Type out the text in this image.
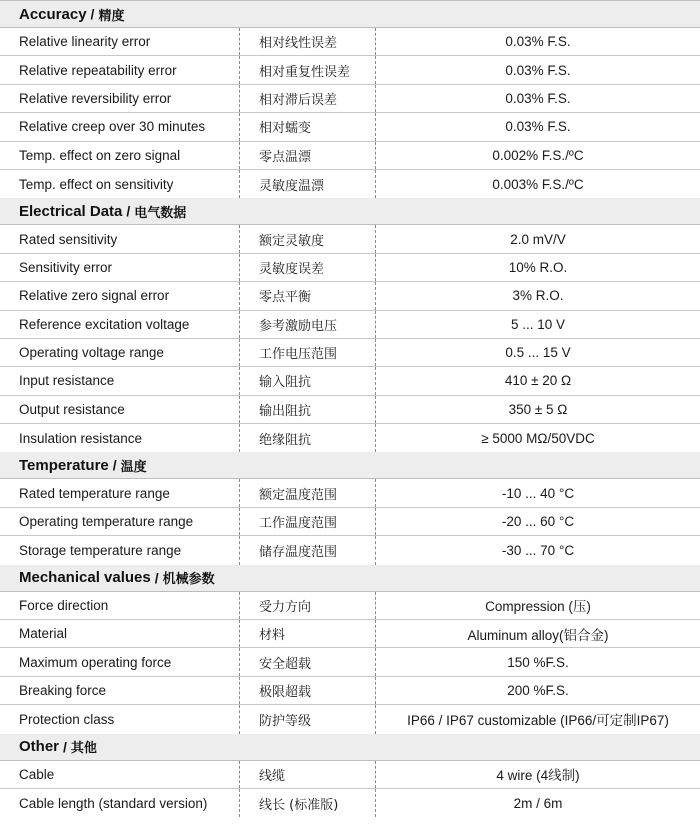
Accuracy / 精度
Relative linearity error	相对线性误差	0.03% F.S.
Relative repeatability error	相对重复性误差	0.03% F.S.
Relative reversibility error	相对滞后误差	0.03% F.S.
Relative creep over 30 minutes	相对蠕变	0.03% F.S.
Temp. effect on zero signal	零点温漂	0.002% F.S./ºC
Temp. effect on sensitivity	灵敏度温漂	0.003% F.S./ºC
Electrical Data / 电气数据
Rated sensitivity	额定灵敏度	2.0 mV/V
Sensitivity error	灵敏度误差	10% R.O.
Relative zero signal error	零点平衡	3% R.O.
Reference excitation voltage	参考激励电压	5 ... 10 V
Operating voltage range	工作电压范围	0.5 ... 15 V
Input resistance	输入阻抗	410 ± 20 Ω
Output resistance	输出阻抗	350 ± 5 Ω
Insulation resistance	绝缘阻抗	≥ 5000 MΩ/50VDC
Temperature / 温度
Rated temperature range	额定温度范围	-10 ... 40 °C
Operating temperature range	工作温度范围	-20 ... 60 °C
Storage temperature range	储存温度范围	-30 ... 70 °C
Mechanical values / 机械参数
Force direction	受力方向	Compression (压)
Material	材料	Aluminum alloy(铝合金)
Maximum operating force	安全超载	150 %F.S.
Breaking force	极限超载	200 %F.S.
Protection class	防护等级	IP66 / IP67 customizable (IP66/可定制IP67)
Other / 其他
Cable	线缆	4 wire (4线制)
Cable length (standard version)	线长 (标准版)	2m / 6m
